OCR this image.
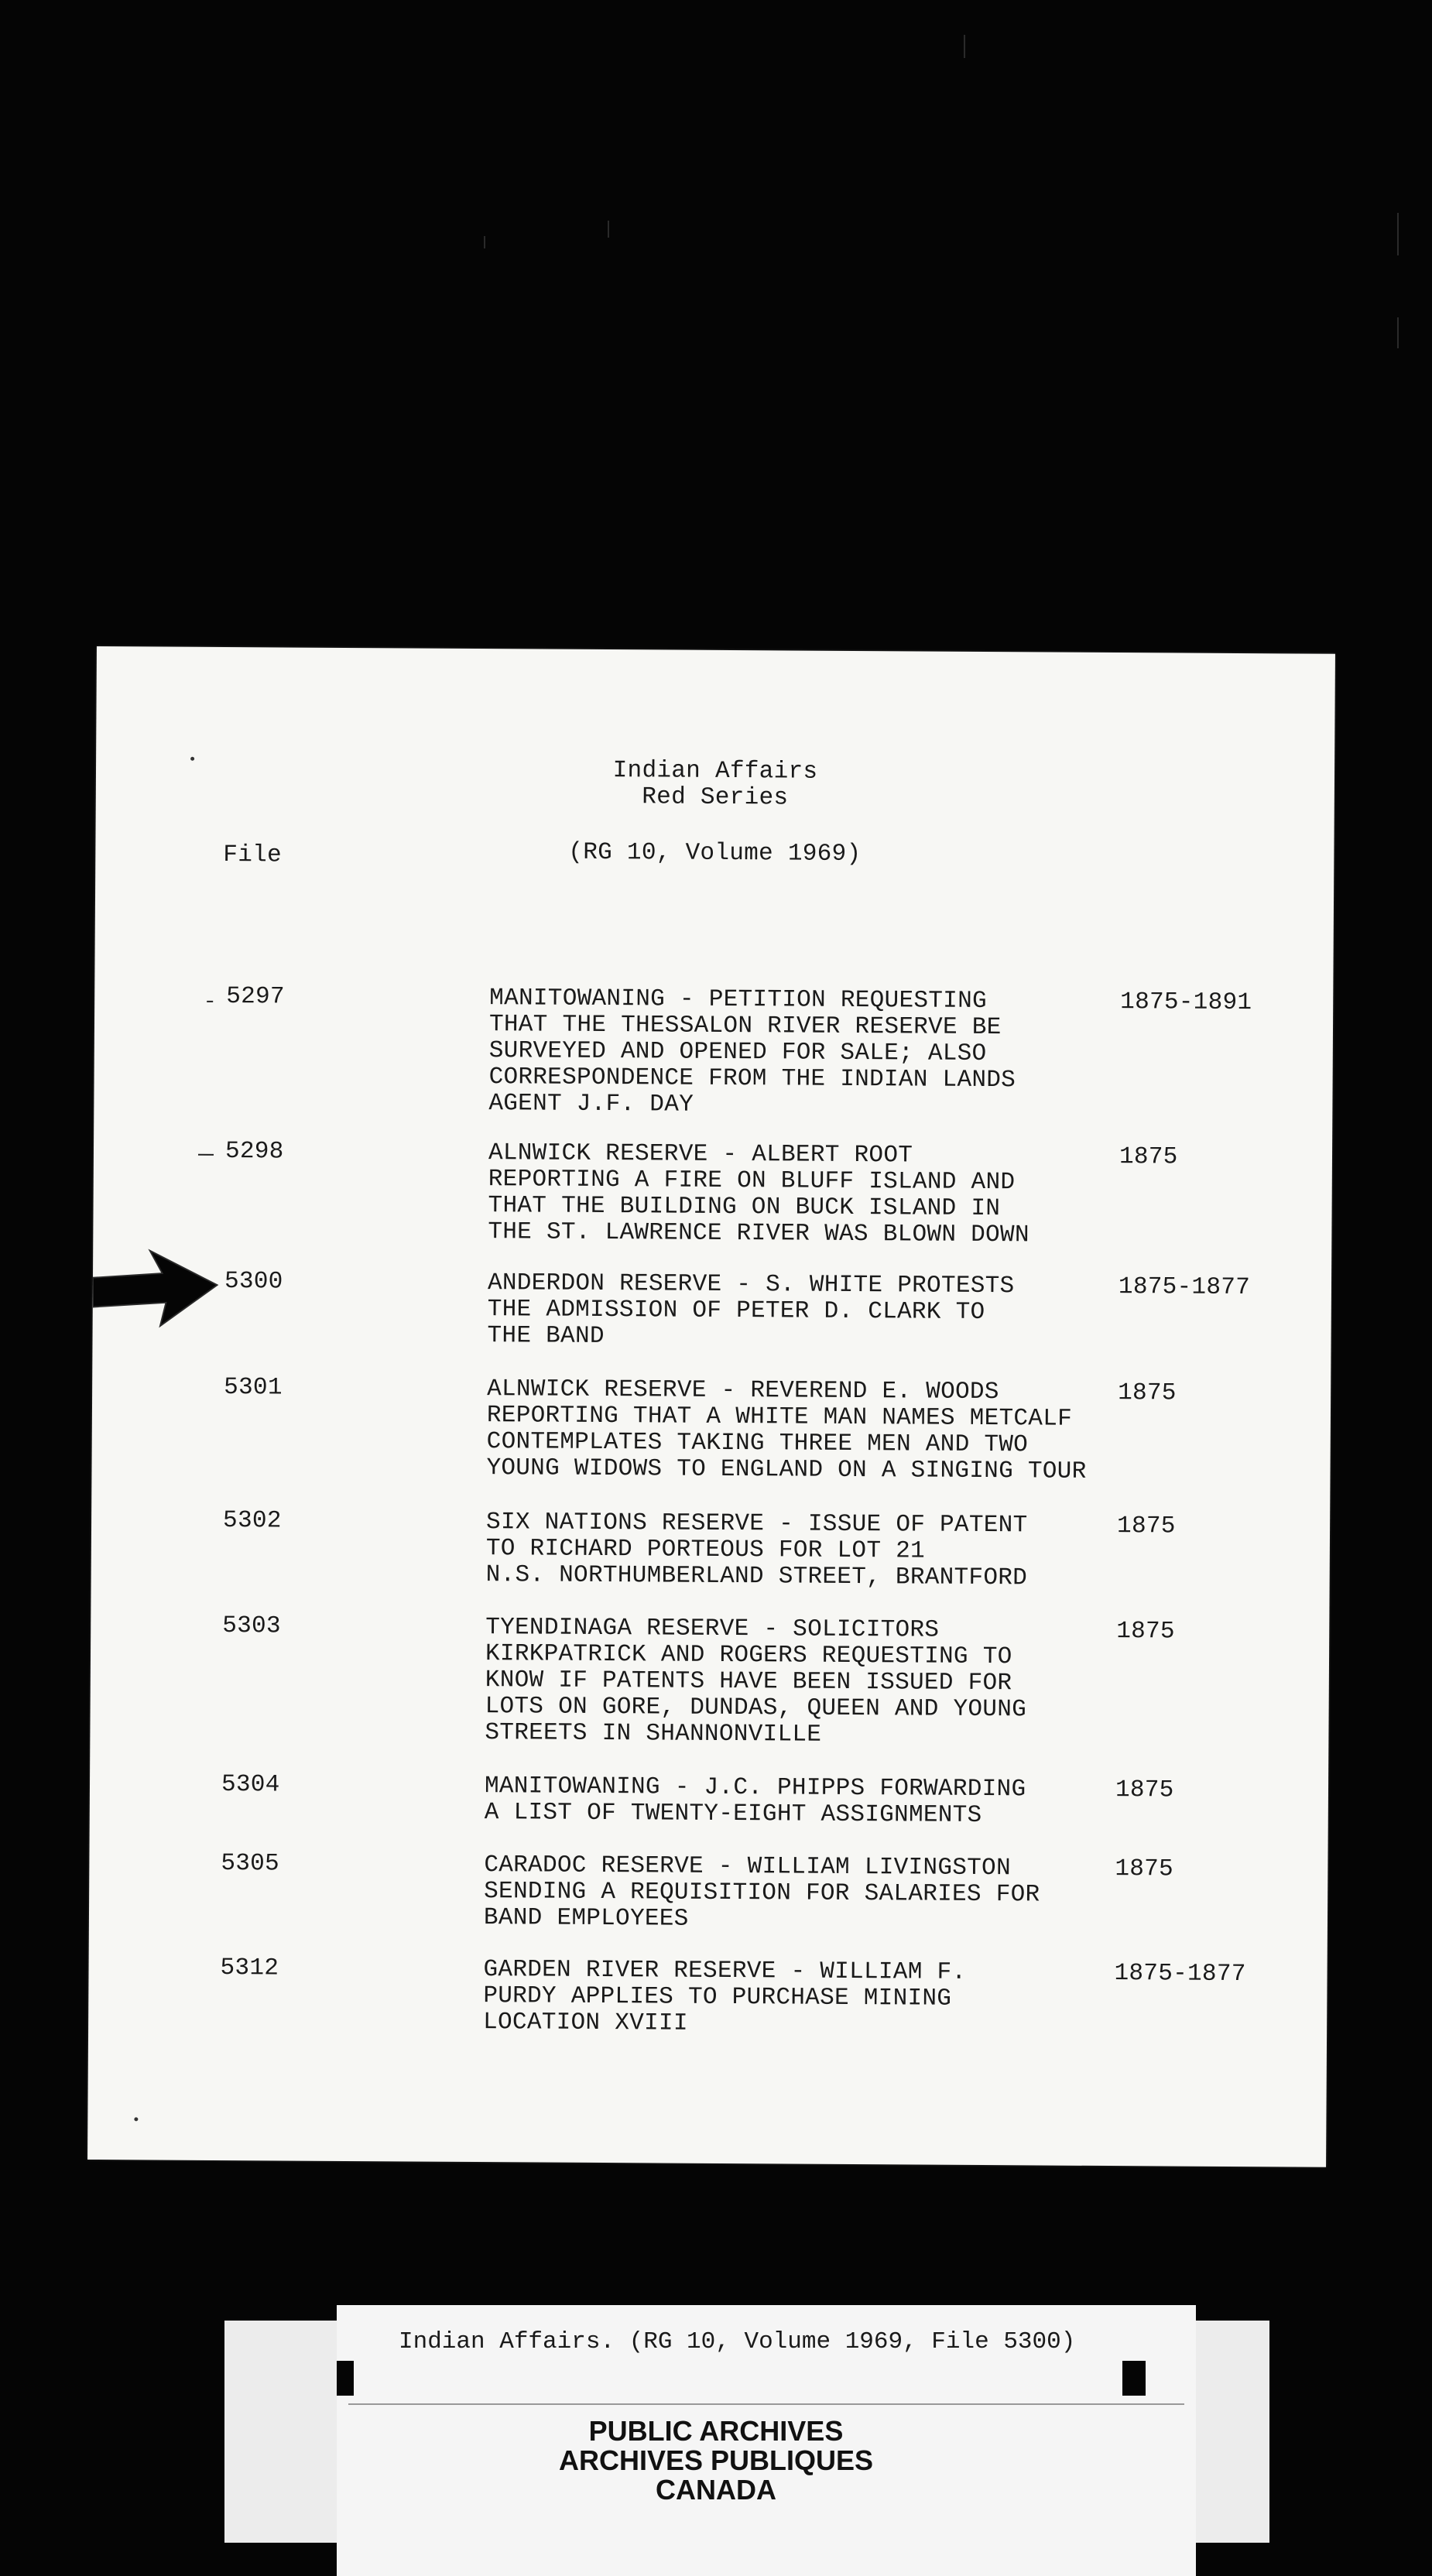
Indian Affairs
Red Series
(RG 10, Volume 1969)
File
5297	MANITOWANING - PETITION REQUESTING
THAT THE THESSALON RIVER RESERVE BE
SURVEYED AND OPENED FOR SALE; ALSO
CORRESPONDENCE FROM THE INDIAN LANDS
AGENT J.F. DAY
1875-1891
5298	ALNWICK RESERVE - ALBERT ROOT
REPORTING A FIRE ON BLUFF ISLAND AND
THAT THE BUILDING ON BUCK ISLAND IN
THE ST. LAWRENCE RIVER WAS BLOWN DOWN
1875
5300	ANDERDON RESERVE - S. WHITE PROTESTS
THE ADMISSION OF PETER D. CLARK TO
THE BAND
1875-1877
5301	ALNWICK RESERVE - REVEREND E. WOODS
REPORTING THAT A WHITE MAN NAMES METCALF
CONTEMPLATES TAKING THREE MEN AND TWO
YOUNG WIDOWS TO ENGLAND ON A SINGING TOUR
1875
5302	SIX NATIONS RESERVE - ISSUE OF PATENT
TO RICHARD PORTEOUS FOR LOT 21
N.S. NORTHUMBERLAND STREET, BRANTFORD
1875
5303	TYENDINAGA RESERVE - SOLICITORS
KIRKPATRICK AND ROGERS REQUESTING TO
KNOW IF PATENTS HAVE BEEN ISSUED FOR
LOTS ON GORE, DUNDAS, QUEEN AND YOUNG
STREETS IN SHANNONVILLE
1875
5304	MANITOWANING - J.C. PHIPPS FORWARDING
A LIST OF TWENTY-EIGHT ASSIGNMENTS
1875
5305	CARADOC RESERVE - WILLIAM LIVINGSTON
SENDING A REQUISITION FOR SALARIES FOR
BAND EMPLOYEES
1875
5312	GARDEN RIVER RESERVE - WILLIAM F.
PURDY APPLIES TO PURCHASE MINING
LOCATION XVIII
1875-1877
Indian Affairs. (RG 10, Volume 1969, File 5300)
PUBLIC ARCHIVES
ARCHIVES PUBLIQUES
CANADA
